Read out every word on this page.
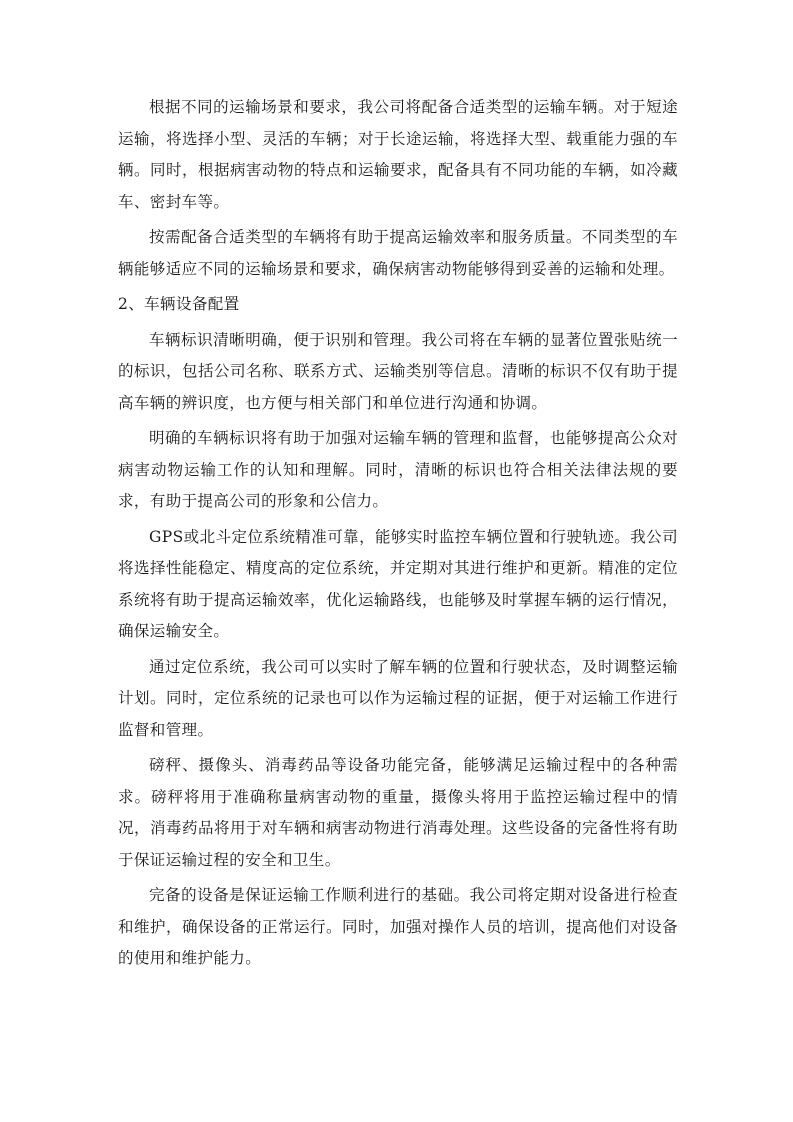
根据不同的运输场景和要求，我公司将配备合适类型的运输车辆。对于短途运输，将选择小型、灵活的车辆；对于长途运输，将选择大型、载重能力强的车辆。同时，根据病害动物的特点和运输要求，配备具有不同功能的车辆，如冷藏车、密封车等。

按需配备合适类型的车辆将有助于提高运输效率和服务质量。不同类型的车辆能够适应不同的运输场景和要求，确保病害动物能够得到妥善的运输和处理。

2、车辆设备配置

车辆标识清晰明确，便于识别和管理。我公司将在车辆的显著位置张贴统一的标识，包括公司名称、联系方式、运输类别等信息。清晰的标识不仅有助于提高车辆的辨识度，也方便与相关部门和单位进行沟通和协调。

明确的车辆标识将有助于加强对运输车辆的管理和监督，也能够提高公众对病害动物运输工作的认知和理解。同时，清晰的标识也符合相关法律法规的要求，有助于提高公司的形象和公信力。

GPS或北斗定位系统精准可靠，能够实时监控车辆位置和行驶轨迹。我公司将选择性能稳定、精度高的定位系统，并定期对其进行维护和更新。精准的定位系统将有助于提高运输效率，优化运输路线，也能够及时掌握车辆的运行情况，确保运输安全。

通过定位系统，我公司可以实时了解车辆的位置和行驶状态，及时调整运输计划。同时，定位系统的记录也可以作为运输过程的证据，便于对运输工作进行监督和管理。

磅秤、摄像头、消毒药品等设备功能完备，能够满足运输过程中的各种需求。磅秤将用于准确称量病害动物的重量，摄像头将用于监控运输过程中的情况，消毒药品将用于对车辆和病害动物进行消毒处理。这些设备的完备性将有助于保证运输过程的安全和卫生。

完备的设备是保证运输工作顺利进行的基础。我公司将定期对设备进行检查和维护，确保设备的正常运行。同时，加强对操作人员的培训，提高他们对设备的使用和维护能力。
